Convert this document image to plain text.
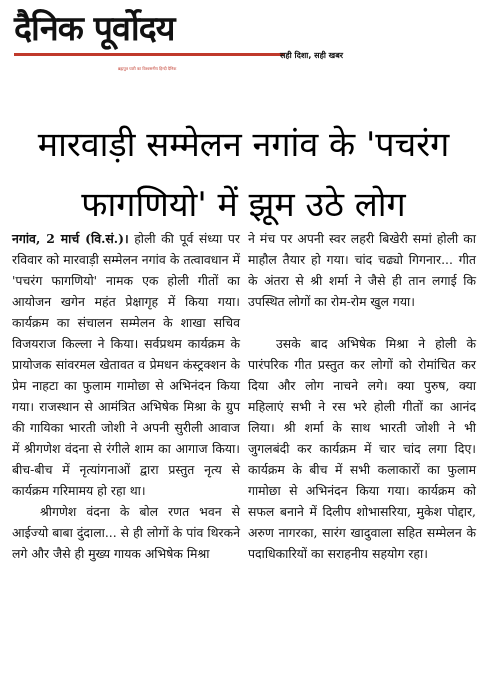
दैनिक पूर्वोदय
सही दिशा, सही खबर
ब्रह्मपुत्र घाटी का विश्वसनीय हिन्दी दैनिक
मारवाड़ी सम्मेलन नगांव के 'पचरंग फागणियो' में झूम उठे लोग

नगांव, 2 मार्च (वि.सं.)। होली की पूर्व संध्या पर रविवार को मारवाड़ी सम्मेलन नगांव के तत्वावधान में 'पचरंग फागणियो' नामक एक होली गीतों का आयोजन खगेन महंत प्रेक्षागृह में किया गया। कार्यक्रम का संचालन सम्मेलन के शाखा सचिव विजयराज किल्ला ने किया। सर्वप्रथम कार्यक्रम के प्रायोजक सांवरमल खेतावत व प्रेमधन कंस्ट्रक्शन के प्रेम नाहटा का फुलाम गामोछा से अभिनंदन किया गया। राजस्थान से आमंत्रित अभिषेक मिश्रा के ग्रुप की गायिका भारती जोशी ने अपनी सुरीली आवाज में श्रीगणेश वंदना से रंगीले शाम का आगाज किया। बीच-बीच में नृत्यांगनाओं द्वारा प्रस्तुत नृत्य से कार्यक्रम गरिमामय हो रहा था।

श्रीगणेश वंदना के बोल रणत भवन से आईज्यो बाबा दुंदाला... से ही लोगों के पांव थिरकने लगे और जैसे ही मुख्य गायक अभिषेक मिश्रा

ने मंच पर अपनी स्वर लहरी बिखेरी समां होली का माहौल तैयार हो गया। चांद चढ्यो गिगनार... गीत के अंतरा से श्री शर्मा ने जैसे ही तान लगाई कि उपस्थित लोगों का रोम-रोम खुल गया।

उसके बाद अभिषेक मिश्रा ने होली के पारंपरिक गीत प्रस्तुत कर लोगों को रोमांचित कर दिया और लोग नाचने लगे। क्या पुरुष, क्या महिलाएं सभी ने रस भरे होली गीतों का आनंद लिया। श्री शर्मा के साथ भारती जोशी ने भी जुगलबंदी कर कार्यक्रम में चार चांद लगा दिए। कार्यक्रम के बीच में सभी कलाकारों का फुलाम गामोछा से अभिनंदन किया गया। कार्यक्रम को सफल बनाने में दिलीप शोभासरिया, मुकेश पोद्दार, अरुण नागरका, सारंग खादुवाला सहित सम्मेलन के पदाधिकारियों का सराहनीय सहयोग रहा।
